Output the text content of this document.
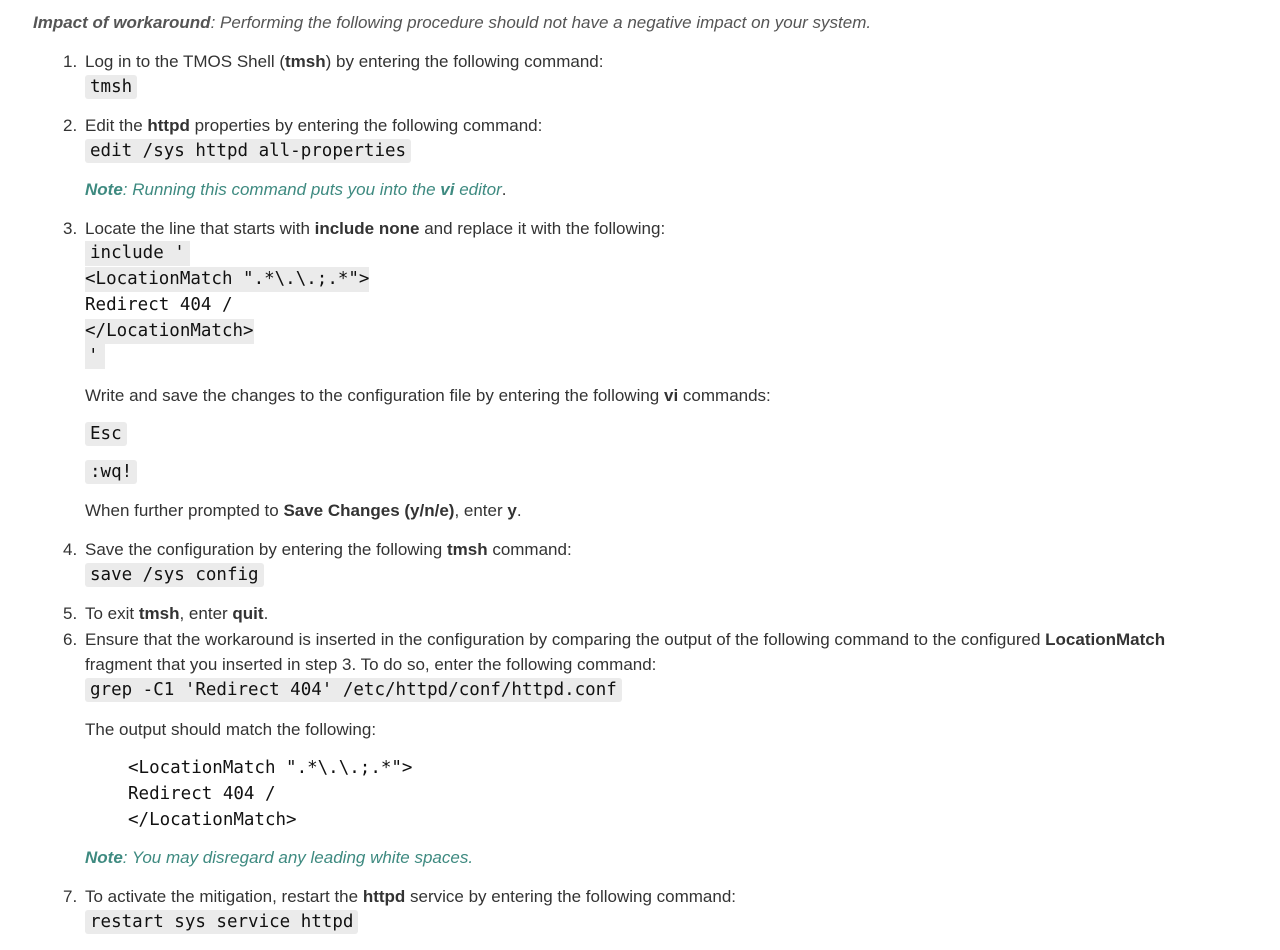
Impact of workaround: Performing the following procedure should not have a negative impact on your system.

1. Log in to the TMOS Shell (tmsh) by entering the following command:
tmsh
2. Edit the httpd properties by entering the following command:
edit /sys httpd all-properties
Note: Running this command puts you into the vi editor.
3. Locate the line that starts with include none and replace it with the following:
include '
<LocationMatch ".*\.\.;.*">
Redirect 404 /
</LocationMatch>
'
Write and save the changes to the configuration file by entering the following vi commands:
Esc
:wq!
When further prompted to Save Changes (y/n/e), enter y.
4. Save the configuration by entering the following tmsh command:
save /sys config
5. To exit tmsh, enter quit.
6. Ensure that the workaround is inserted in the configuration by comparing the output of the following command to the configured LocationMatch
fragment that you inserted in step 3. To do so, enter the following command:
grep -C1 'Redirect 404' /etc/httpd/conf/httpd.conf
The output should match the following:
<LocationMatch ".*\.\.;.*">
Redirect 404 /
</LocationMatch>
Note: You may disregard any leading white spaces.
7. To activate the mitigation, restart the httpd service by entering the following command:
restart sys service httpd
